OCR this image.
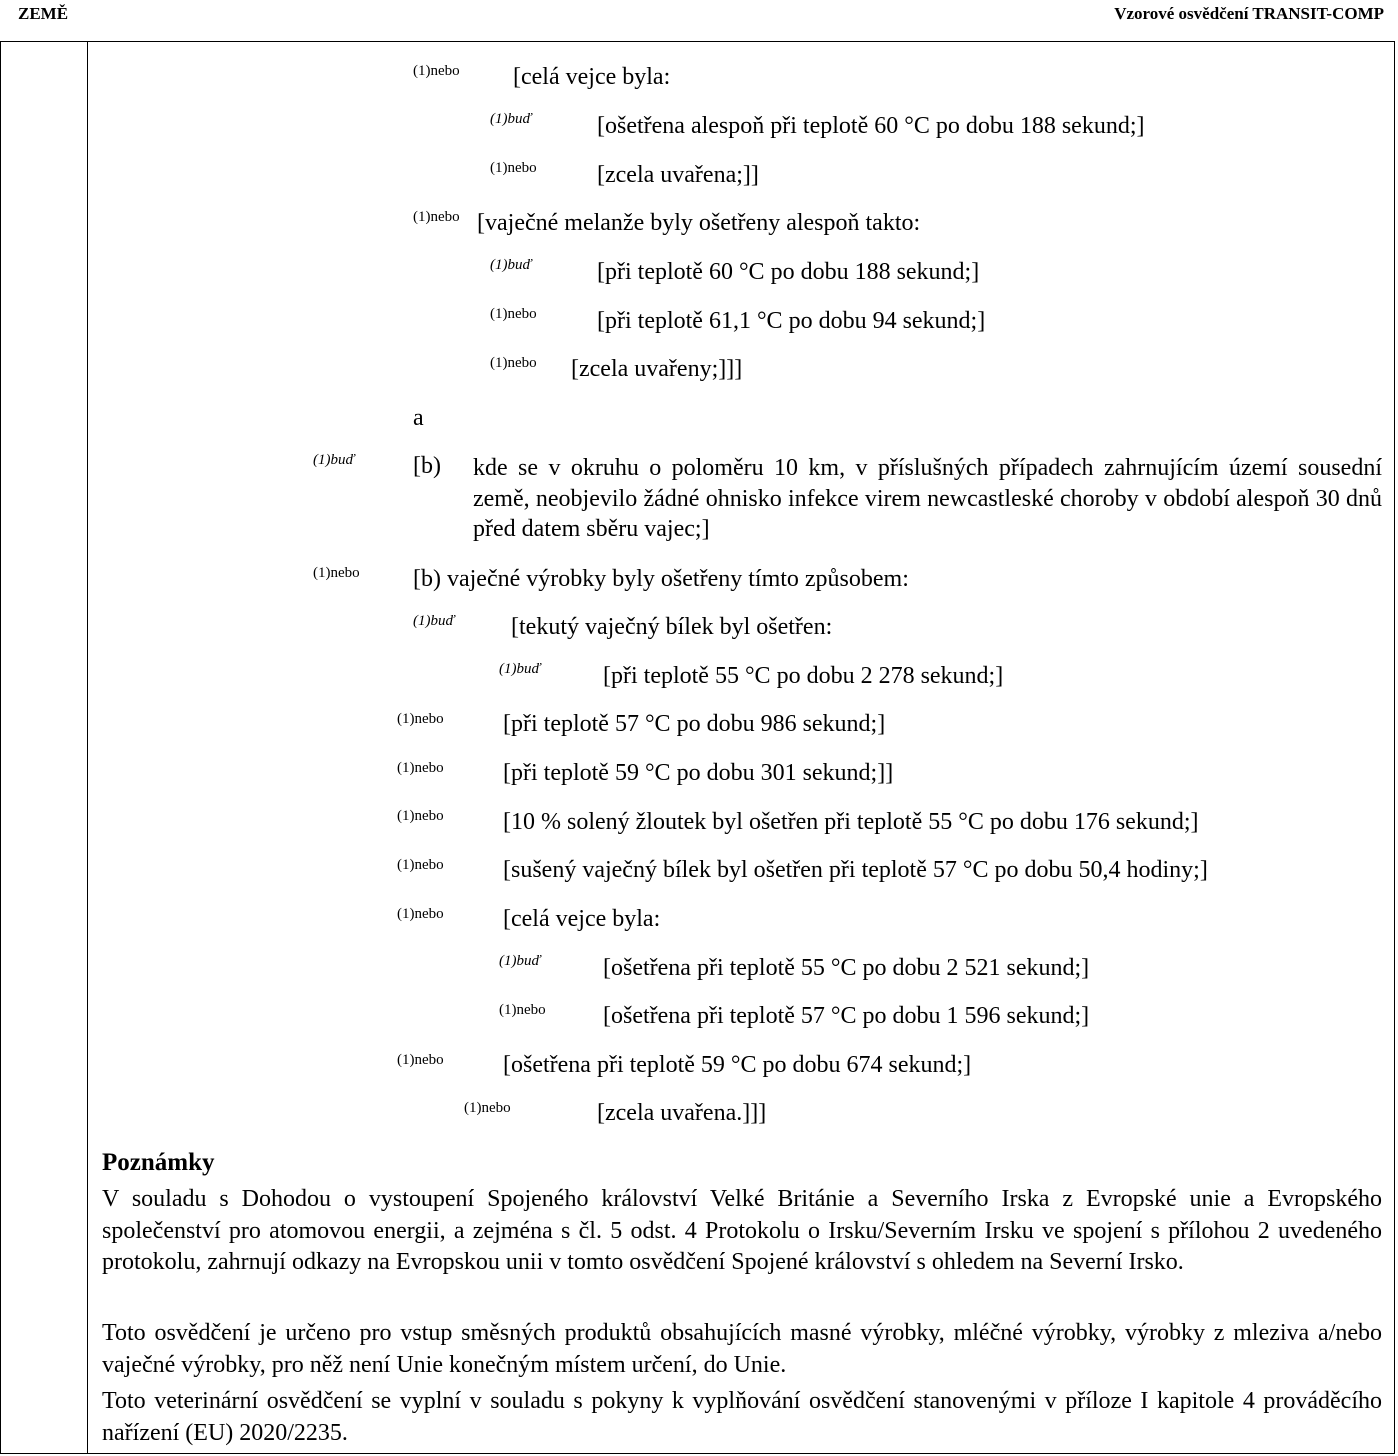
ZEMĚ	Vzorové osvědčení TRANSIT-COMP
(1)nebo [celá vejce byla:
(1)buď	[ošetřena alespoň při teplotě 60 °C po dobu 188 sekund;]
(1)nebo	[zcela uvařena;]]
(1)nebo [vaječné melanže byly ošetřeny alespoň takto:
(1)buď	[při teplotě 60 °C po dobu 188 sekund;]
(1)nebo	[při teplotě 61,1 °C po dobu 94 sekund;]
(1)nebo [zcela uvařeny;]]]
a
(1)buď [b) kde se v okruhu o poloměru 10 km, v příslušných případech zahrnujícím území sousední země, neobjevilo žádné ohnisko infekce virem newcastleské choroby v období alespoň 30 dnů před datem sběru vajec;]
(1)nebo [b) vaječné výrobky byly ošetřeny tímto způsobem:
(1)buď [tekutý vaječný bílek byl ošetřen:
(1)buď	[při teplotě 55 °C po dobu 2 278 sekund;]
(1)nebo [při teplotě 57 °C po dobu 986 sekund;]
(1)nebo [při teplotě 59 °C po dobu 301 sekund;]]
(1)nebo [10 % solený žloutek byl ošetřen při teplotě 55 °C po dobu 176 sekund;]
(1)nebo [sušený vaječný bílek byl ošetřen při teplotě 57 °C po dobu 50,4 hodiny;]
(1)nebo [celá vejce byla:
(1)buď	[ošetřena při teplotě 55 °C po dobu 2 521 sekund;]
(1)nebo [ošetřena při teplotě 57 °C po dobu 1 596 sekund;]
(1)nebo [ošetřena při teplotě 59 °C po dobu 674 sekund;]
(1)nebo	[zcela uvařena.]]]
Poznámky
V souladu s Dohodou o vystoupení Spojeného království Velké Británie a Severního Irska z Evropské unie a Evropského společenství pro atomovou energii, a zejména s čl. 5 odst. 4 Protokolu o Irsku/Severním Irsku ve spojení s přílohou 2 uvedeného protokolu, zahrnují odkazy na Evropskou unii v tomto osvědčení Spojené království s ohledem na Severní Irsko.
Toto osvědčení je určeno pro vstup směsných produktů obsahujících masné výrobky, mléčné výrobky, výrobky z mleziva a/nebo vaječné výrobky, pro něž není Unie konečným místem určení, do Unie.
Toto veterinární osvědčení se vyplní v souladu s pokyny k vyplňování osvědčení stanovenými v příloze I kapitole 4 prováděcího nařízení (EU) 2020/2235.
